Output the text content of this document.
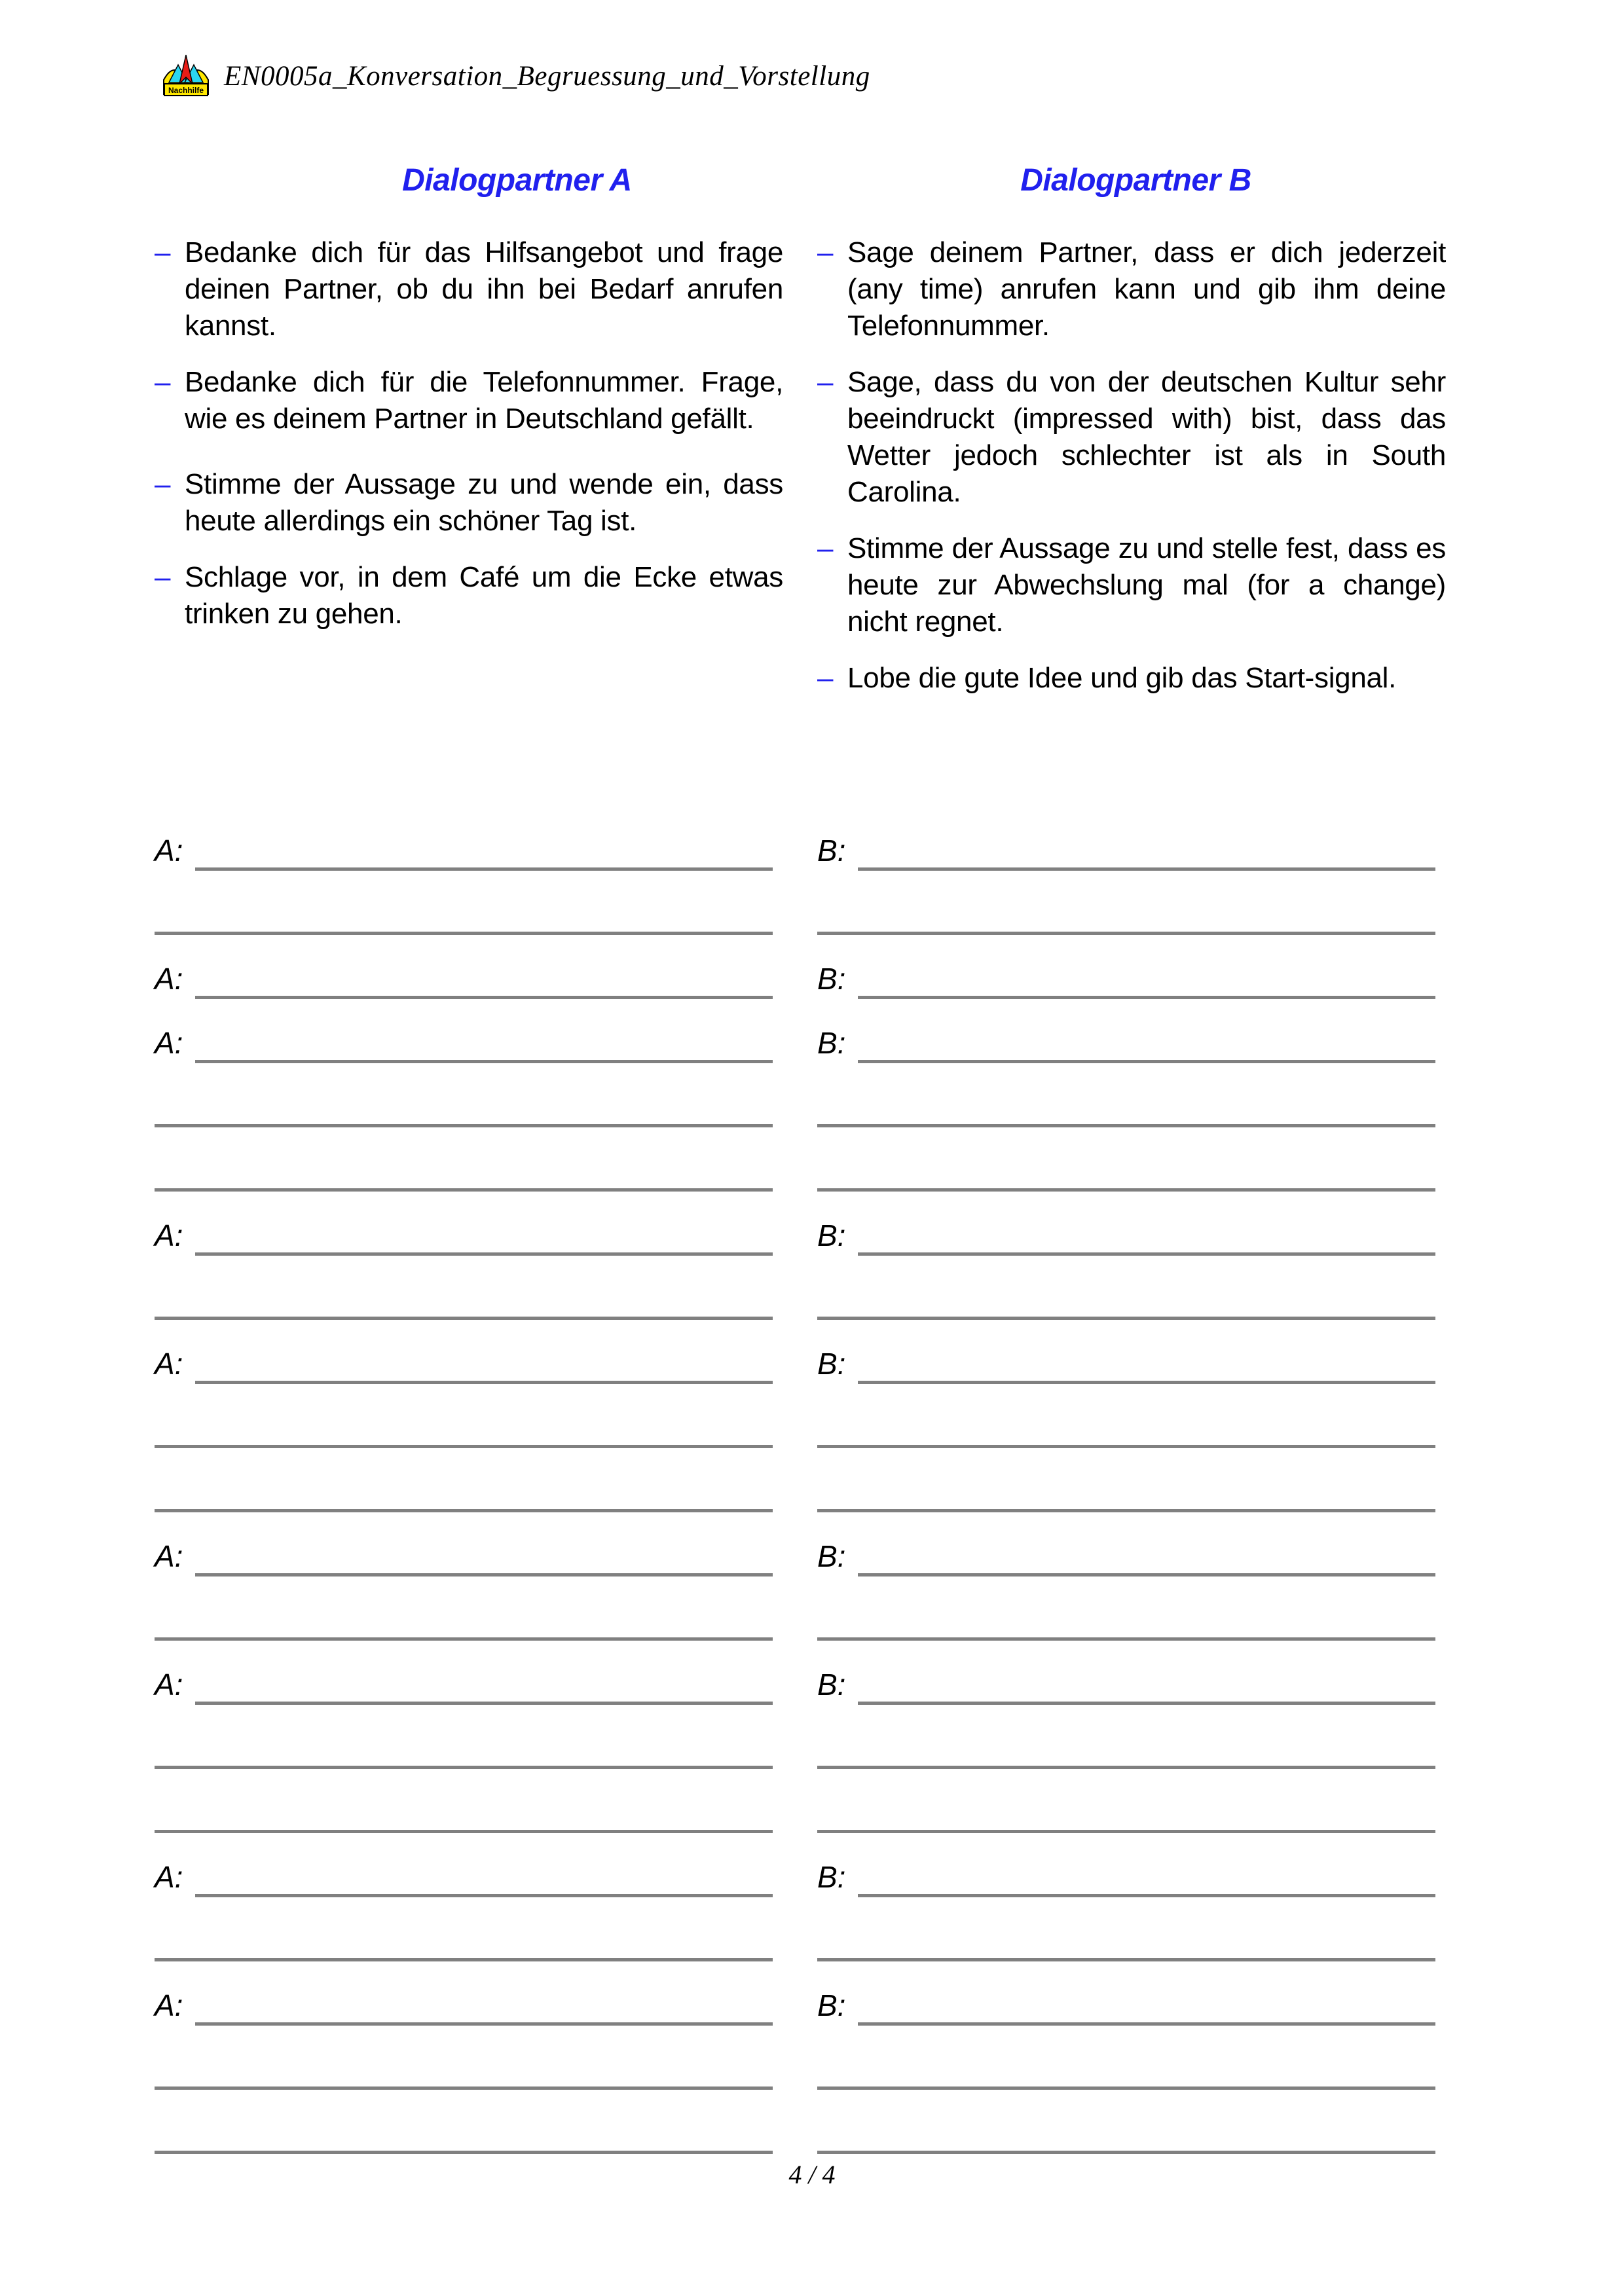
Nachhilfe EN0005a_Konversation_Begruessung_und_Vorstellung
Dialogpartner A	Dialogpartner B
– Bedanke dich für das Hilfsangebot und frage deinen Partner, ob du ihn bei Bedarf anrufen kannst.
– Bedanke dich für die Telefonnummer. Frage, wie es deinem Partner in Deutschland gefällt.
– Stimme der Aussage zu und wende ein, dass heute allerdings ein schöner Tag ist.
– Schlage vor, in dem Café um die Ecke etwas trinken zu gehen.
– Sage deinem Partner, dass er dich jederzeit (any time) anrufen kann und gib ihm deine Telefonnummer.
– Sage, dass du von der deutschen Kultur sehr beeindruckt (impressed with) bist, dass das Wetter jedoch schlechter ist als in South Carolina.
– Stimme der Aussage zu und stelle fest, dass es heute zur Abwechslung mal (for a change) nicht regnet.
– Lobe die gute Idee und gib das Start-signal.
A:	B:
A:	B:
A:	B:
A:	B:
A:	B:
A:	B:
A:	B:
A:	B:
A:	B:
4 / 4
